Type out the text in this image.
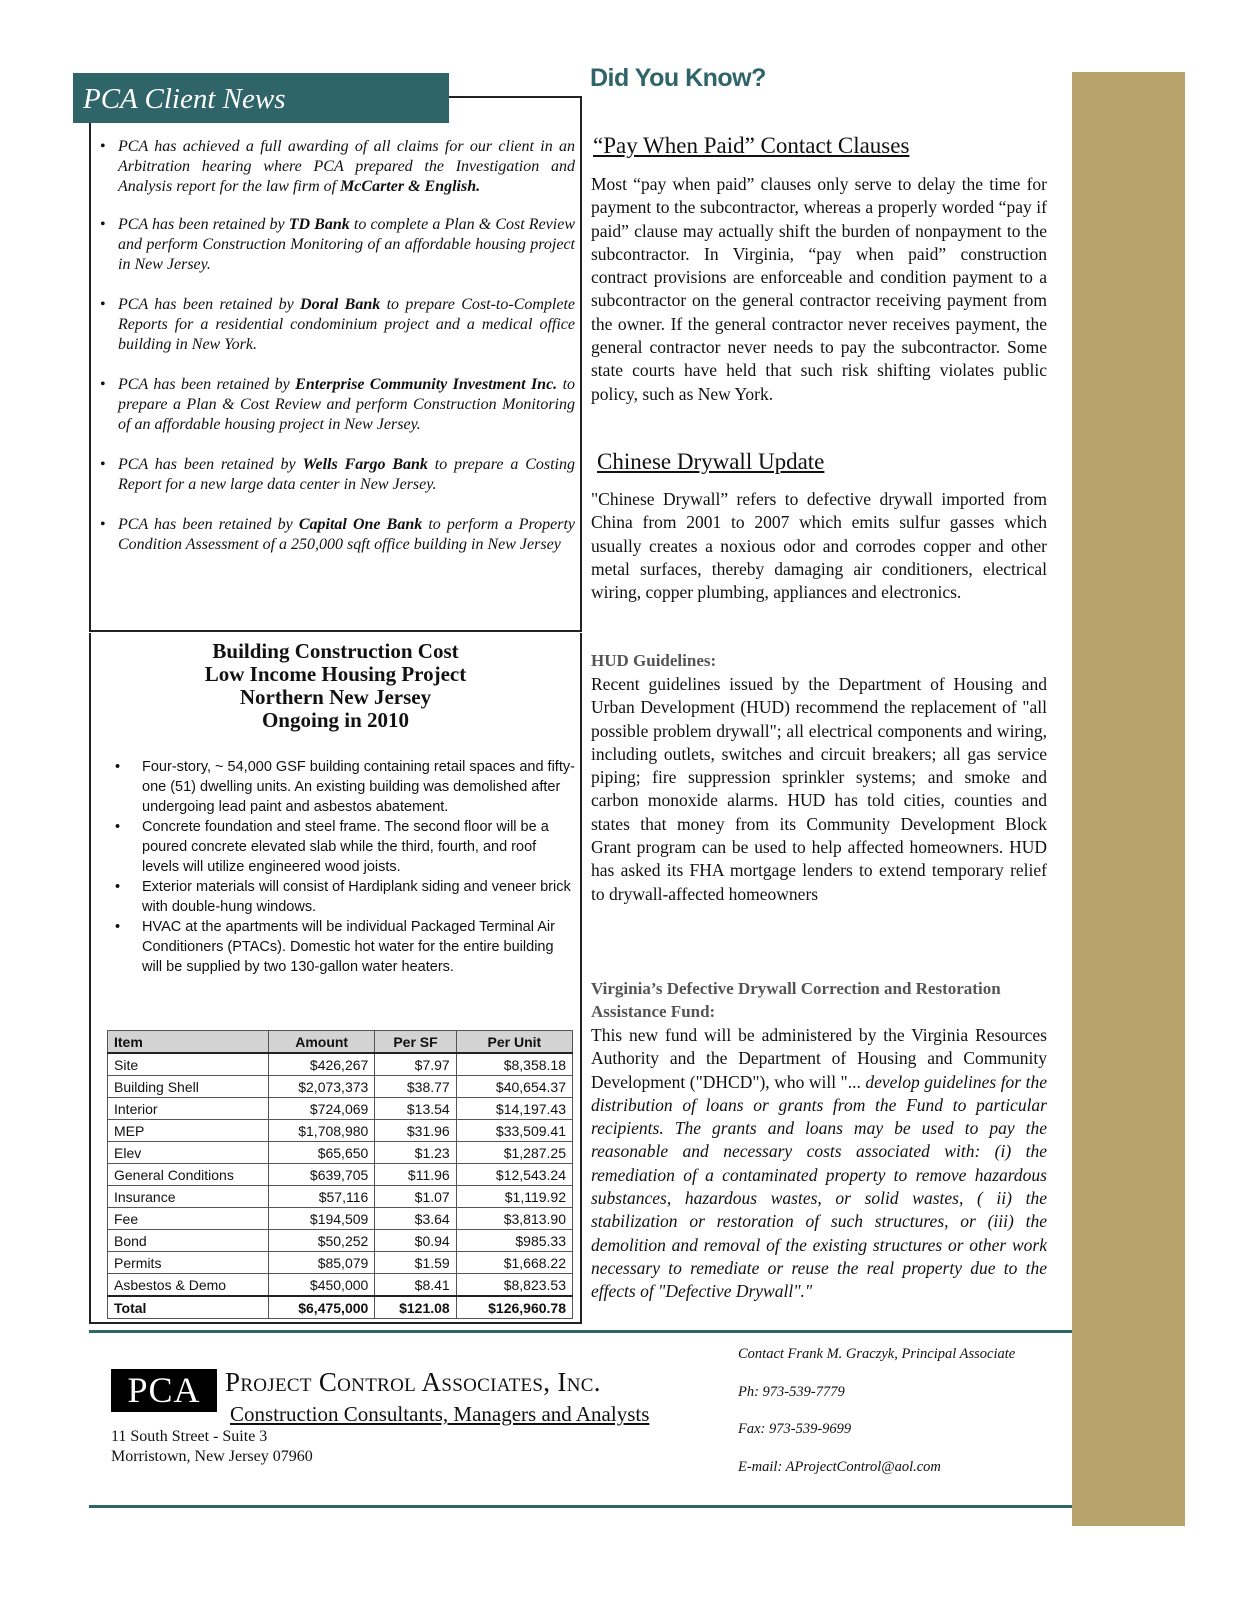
PCA Client News
• PCA has achieved a full awarding of all claims for our client in an Arbitration hearing where PCA prepared the Investigation and Analysis report for the law firm of McCarter & English.
• PCA has been retained by TD Bank to complete a Plan & Cost Review and perform Construction Monitoring of an affordable housing project in New Jersey.
• PCA has been retained by Doral Bank to prepare Cost-to-Complete Reports for a residential condominium project and a medical office building in New York.
• PCA has been retained by Enterprise Community Investment Inc. to prepare a Plan & Cost Review and perform Construction Monitoring of an affordable housing project in New Jersey.
• PCA has been retained by Wells Fargo Bank to prepare a Costing Report for a new large data center in New Jersey.
• PCA has been retained by Capital One Bank to perform a Property Condition Assessment of a 250,000 sqft office building in New Jersey
Building Construction Cost
Low Income Housing Project
Northern New Jersey
Ongoing in 2010
• Four-story, ~ 54,000 GSF building containing retail spaces and fifty-one (51) dwelling units. An existing building was demolished after undergoing lead paint and asbestos abatement.
• Concrete foundation and steel frame. The second floor will be a poured concrete elevated slab while the third, fourth, and roof levels will utilize engineered wood joists.
• Exterior materials will consist of Hardiplank siding and veneer brick with double-hung windows.
• HVAC at the apartments will be individual Packaged Terminal Air Conditioners (PTACs). Domestic hot water for the entire building will be supplied by two 130-gallon water heaters.
Item	Amount	Per SF	Per Unit
Site	$426,267	$7.97	$8,358.18
Building Shell	$2,073,373	$38.77	$40,654.37
Interior	$724,069	$13.54	$14,197.43
MEP	$1,708,980	$31.96	$33,509.41
Elev	$65,650	$1.23	$1,287.25
General Conditions	$639,705	$11.96	$12,543.24
Insurance	$57,116	$1.07	$1,119.92
Fee	$194,509	$3.64	$3,813.90
Bond	$50,252	$0.94	$985.33
Permits	$85,079	$1.59	$1,668.22
Asbestos & Demo	$450,000	$8.41	$8,823.53
Total	$6,475,000	$121.08	$126,960.78
Did You Know?
“Pay When Paid” Contact Clauses

Most “pay when paid” clauses only serve to delay the time for payment to the subcontractor, whereas a properly worded “pay if paid” clause may actually shift the burden of nonpayment to the subcontractor. In Virginia, “pay when paid” construction contract provisions are enforceable and condition payment to a subcontractor on the general contractor receiving payment from the owner. If the general contractor never receives payment, the general contractor never needs to pay the subcontractor. Some state courts have held that such risk shifting violates public policy, such as New York.

Chinese Drywall Update

"Chinese Drywall” refers to defective drywall imported from China from 2001 to 2007 which emits sulfur gasses which usually creates a noxious odor and corrodes copper and other metal surfaces, thereby damaging air conditioners, electrical wiring, copper plumbing, appliances and electronics.

HUD Guidelines:

Recent guidelines issued by the Department of Housing and Urban Development (HUD) recommend the replacement of "all possible problem drywall"; all electrical components and wiring, including outlets, switches and circuit breakers; all gas service piping; fire suppression sprinkler systems; and smoke and carbon monoxide alarms. HUD has told cities, counties and states that money from its Community Development Block Grant program can be used to help affected homeowners. HUD has asked its FHA mortgage lenders to extend temporary relief to drywall-affected homeowners

Virginia’s Defective Drywall Correction and Restoration Assistance Fund:

This new fund will be administered by the Virginia Resources Authority and the Department of Housing and Community Development ("DHCD"), who will "... develop guidelines for the distribution of loans or grants from the Fund to particular recipients. The grants and loans may be used to pay the reasonable and necessary costs associated with: (i) the remediation of a contaminated property to remove hazardous substances, hazardous wastes, or solid wastes, ( ii) the stabilization or restoration of such structures, or (iii) the demolition and removal of the existing structures or other work necessary to remediate or reuse the real property due to the effects of "Defective Drywall"."

PCA Project Control Associates, Inc.
Construction Consultants, Managers and Analysts
11 South Street - Suite 3
Morristown, New Jersey 07960
Contact Frank M. Graczyk, Principal Associate
Ph: 973-539-7779
Fax: 973-539-9699
E-mail: AProjectControl@aol.com
